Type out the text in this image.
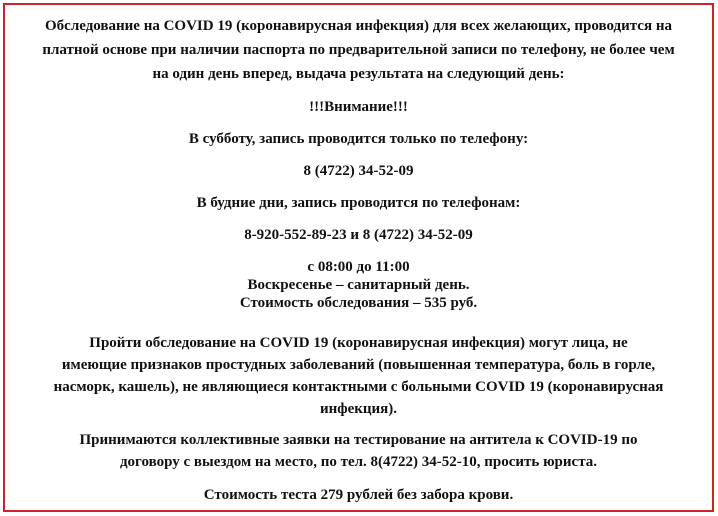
Обследование на COVID 19 (коронавирусная инфекция) для всех желающих, проводится на
платной основе при наличии паспорта по предварительной записи по телефону, не более чем
на один день вперед, выдача результата на следующий день:
!!!Внимание!!!
В субботу, запись проводится только по телефону:
8 (4722) 34-52-09
В будние дни, запись проводится по телефонам:
8-920-552-89-23 и 8 (4722) 34-52-09
с 08:00 до 11:00
Воскресенье – санитарный день.
Стоимость обследования – 535 руб.
Пройти обследование на COVID 19 (коронавирусная инфекция) могут лица, не
имеющие признаков простудных заболеваний (повышенная температура, боль в горле,
насморк, кашель), не являющиеся контактными с больными COVID 19 (коронавирусная
инфекция).
Принимаются коллективные заявки на тестирование на антитела к COVID-19 по
договору с выездом на место, по тел. 8(4722) 34-52-10, просить юриста.
Стоимость теста 279 рублей без забора крови.
